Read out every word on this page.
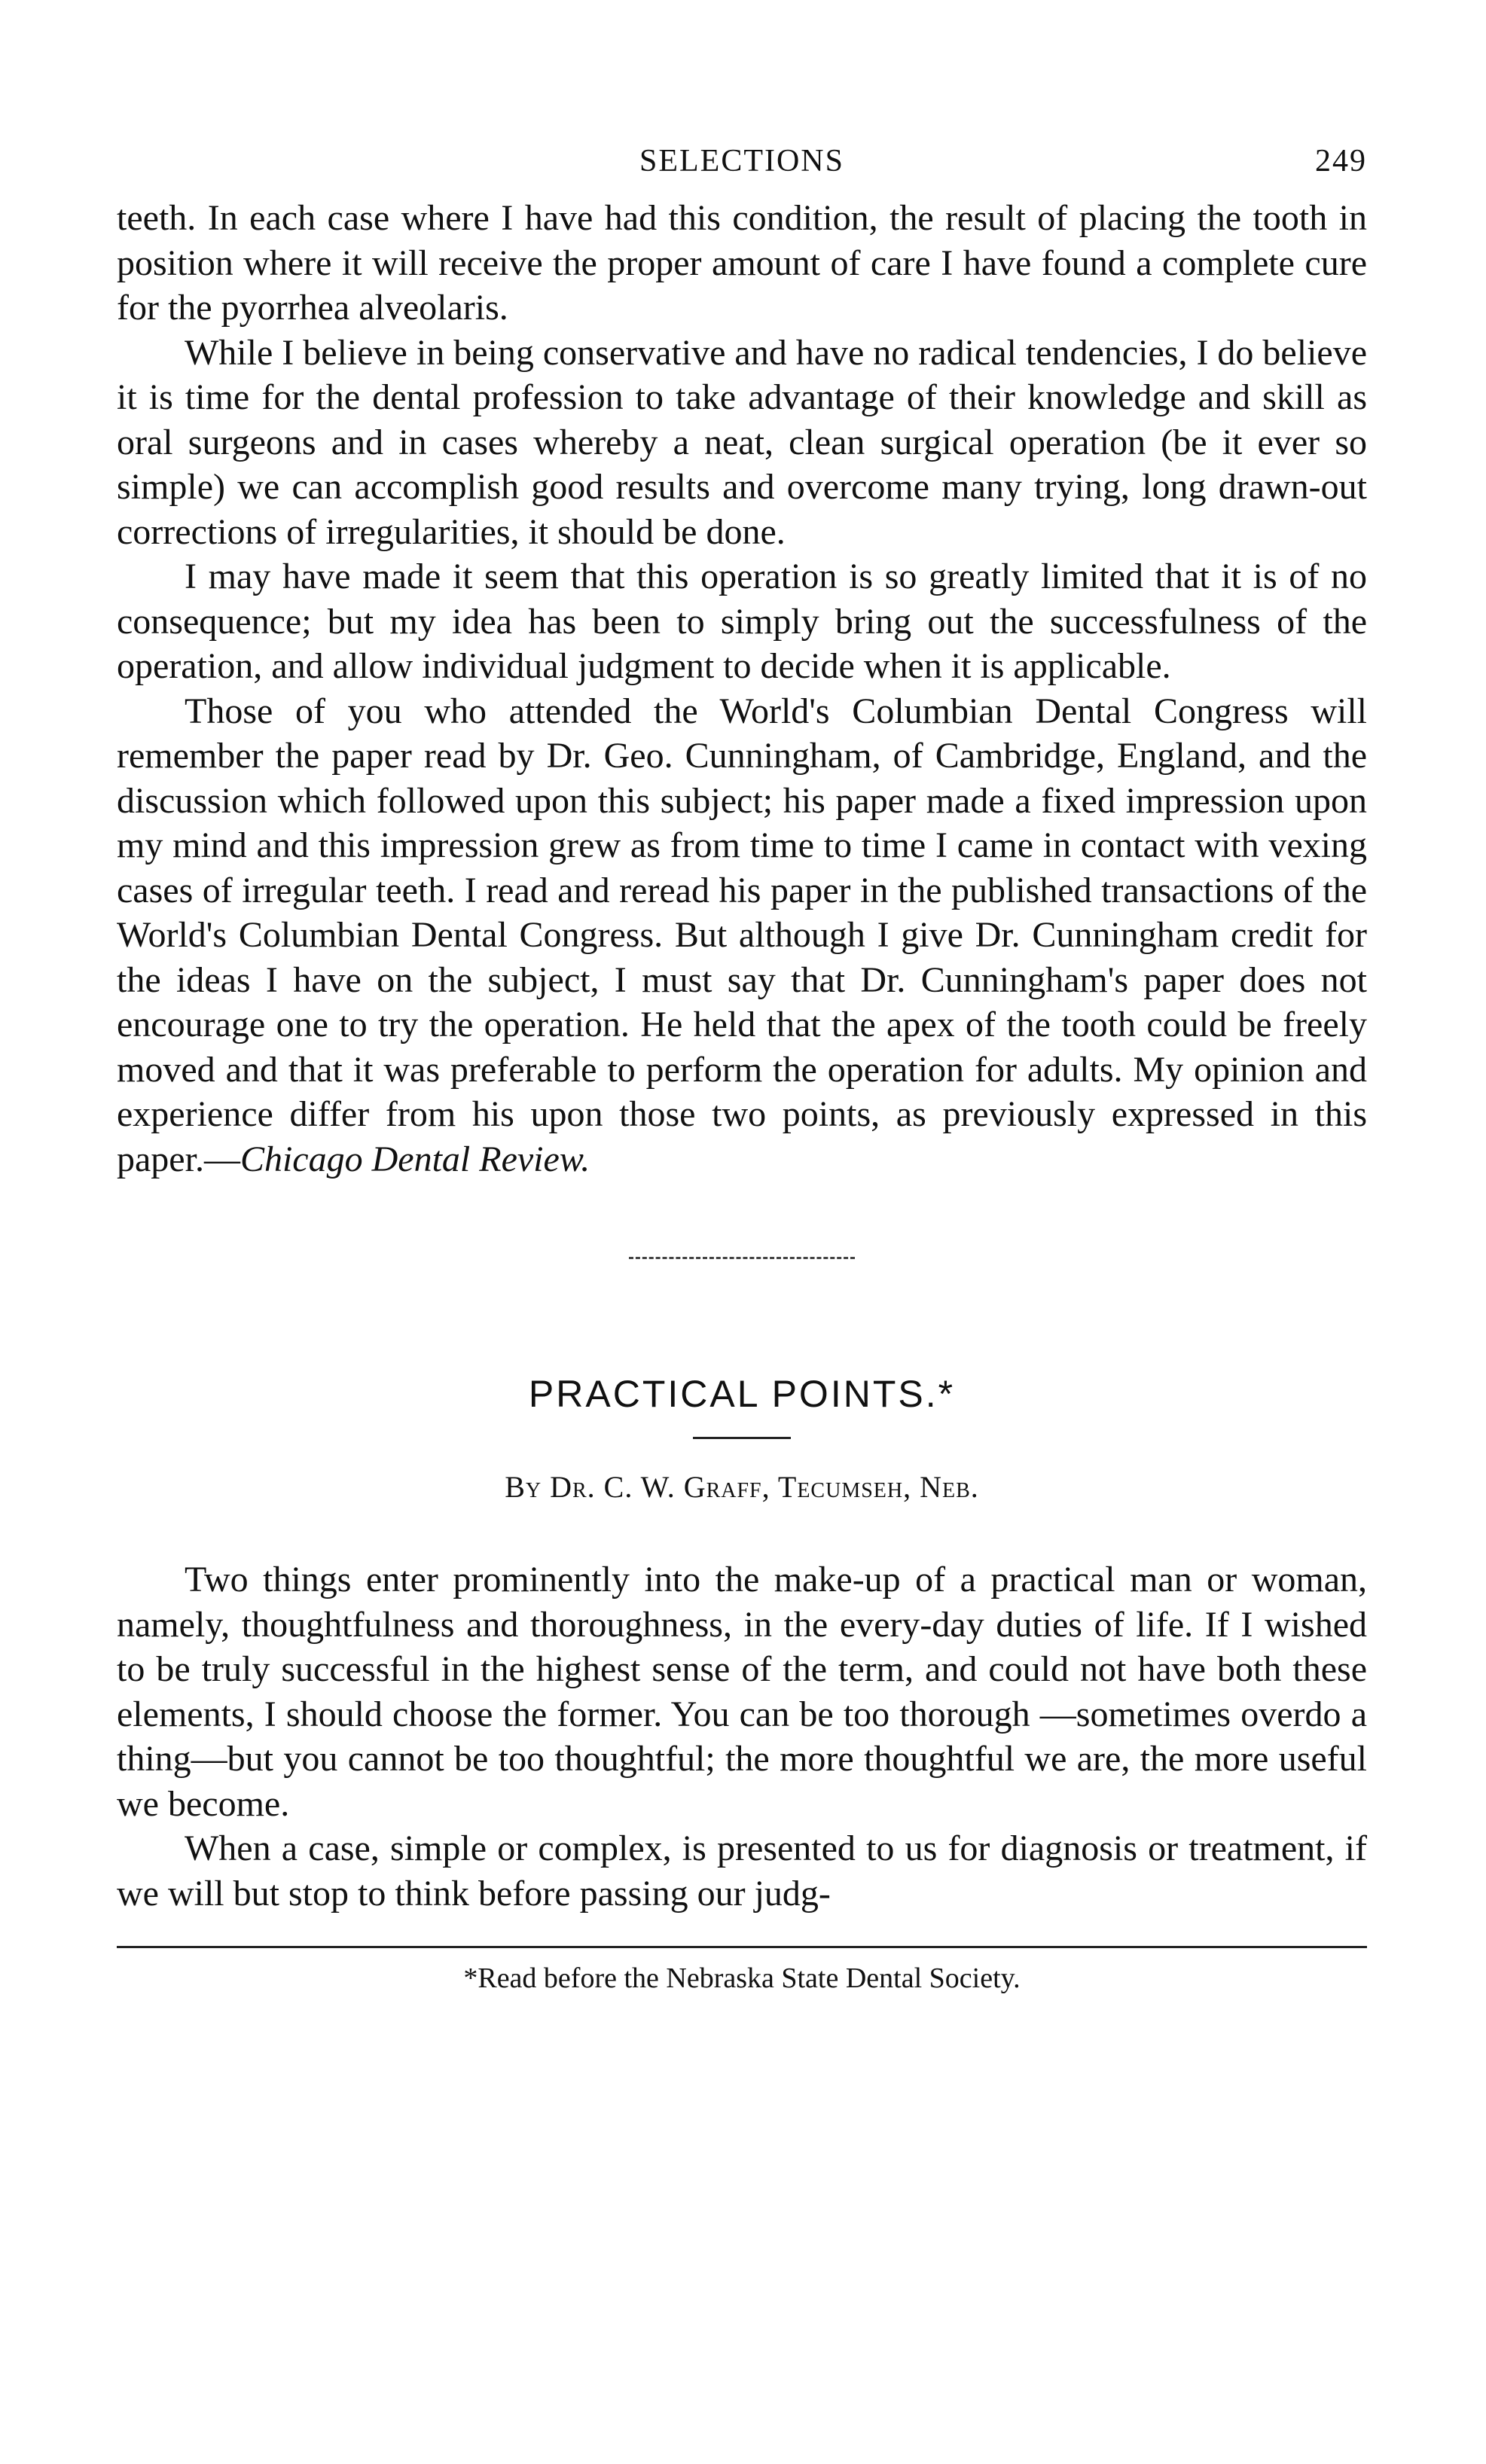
SELECTIONS	249

teeth. In each case where I have had this condition, the result of placing the tooth in position where it will receive the proper amount of care I have found a complete cure for the pyorrhea alveolaris.

While I believe in being conservative and have no radical tendencies, I do believe it is time for the dental profession to take advantage of their knowledge and skill as oral surgeons and in cases whereby a neat, clean surgical operation (be it ever so simple) we can accomplish good results and overcome many trying, long drawn-out corrections of irregularities, it should be done.

I may have made it seem that this operation is so greatly limited that it is of no consequence; but my idea has been to simply bring out the successfulness of the operation, and allow individual judgment to decide when it is applicable.

Those of you who attended the World's Columbian Dental Congress will remember the paper read by Dr. Geo. Cunningham, of Cambridge, England, and the discussion which followed upon this subject; his paper made a fixed impression upon my mind and this impression grew as from time to time I came in contact with vexing cases of irregular teeth. I read and reread his paper in the published transactions of the World's Columbian Dental Congress. But although I give Dr. Cunningham credit for the ideas I have on the subject, I must say that Dr. Cunningham's paper does not encourage one to try the operation. He held that the apex of the tooth could be freely moved and that it was preferable to perform the operation for adults. My opinion and experience differ from his upon those two points, as previously expressed in this paper.—Chicago Dental Review.

PRACTICAL POINTS.*
By Dr. C. W. Graff, Tecumseh, Neb.

Two things enter prominently into the make-up of a practical man or woman, namely, thoughtfulness and thoroughness, in the every-day duties of life. If I wished to be truly successful in the highest sense of the term, and could not have both these elements, I should choose the former. You can be too thorough —sometimes overdo a thing—but you cannot be too thoughtful; the more thoughtful we are, the more useful we become.

When a case, simple or complex, is presented to us for diagnosis or treatment, if we will but stop to think before passing our judg-

*Read before the Nebraska State Dental Society.
